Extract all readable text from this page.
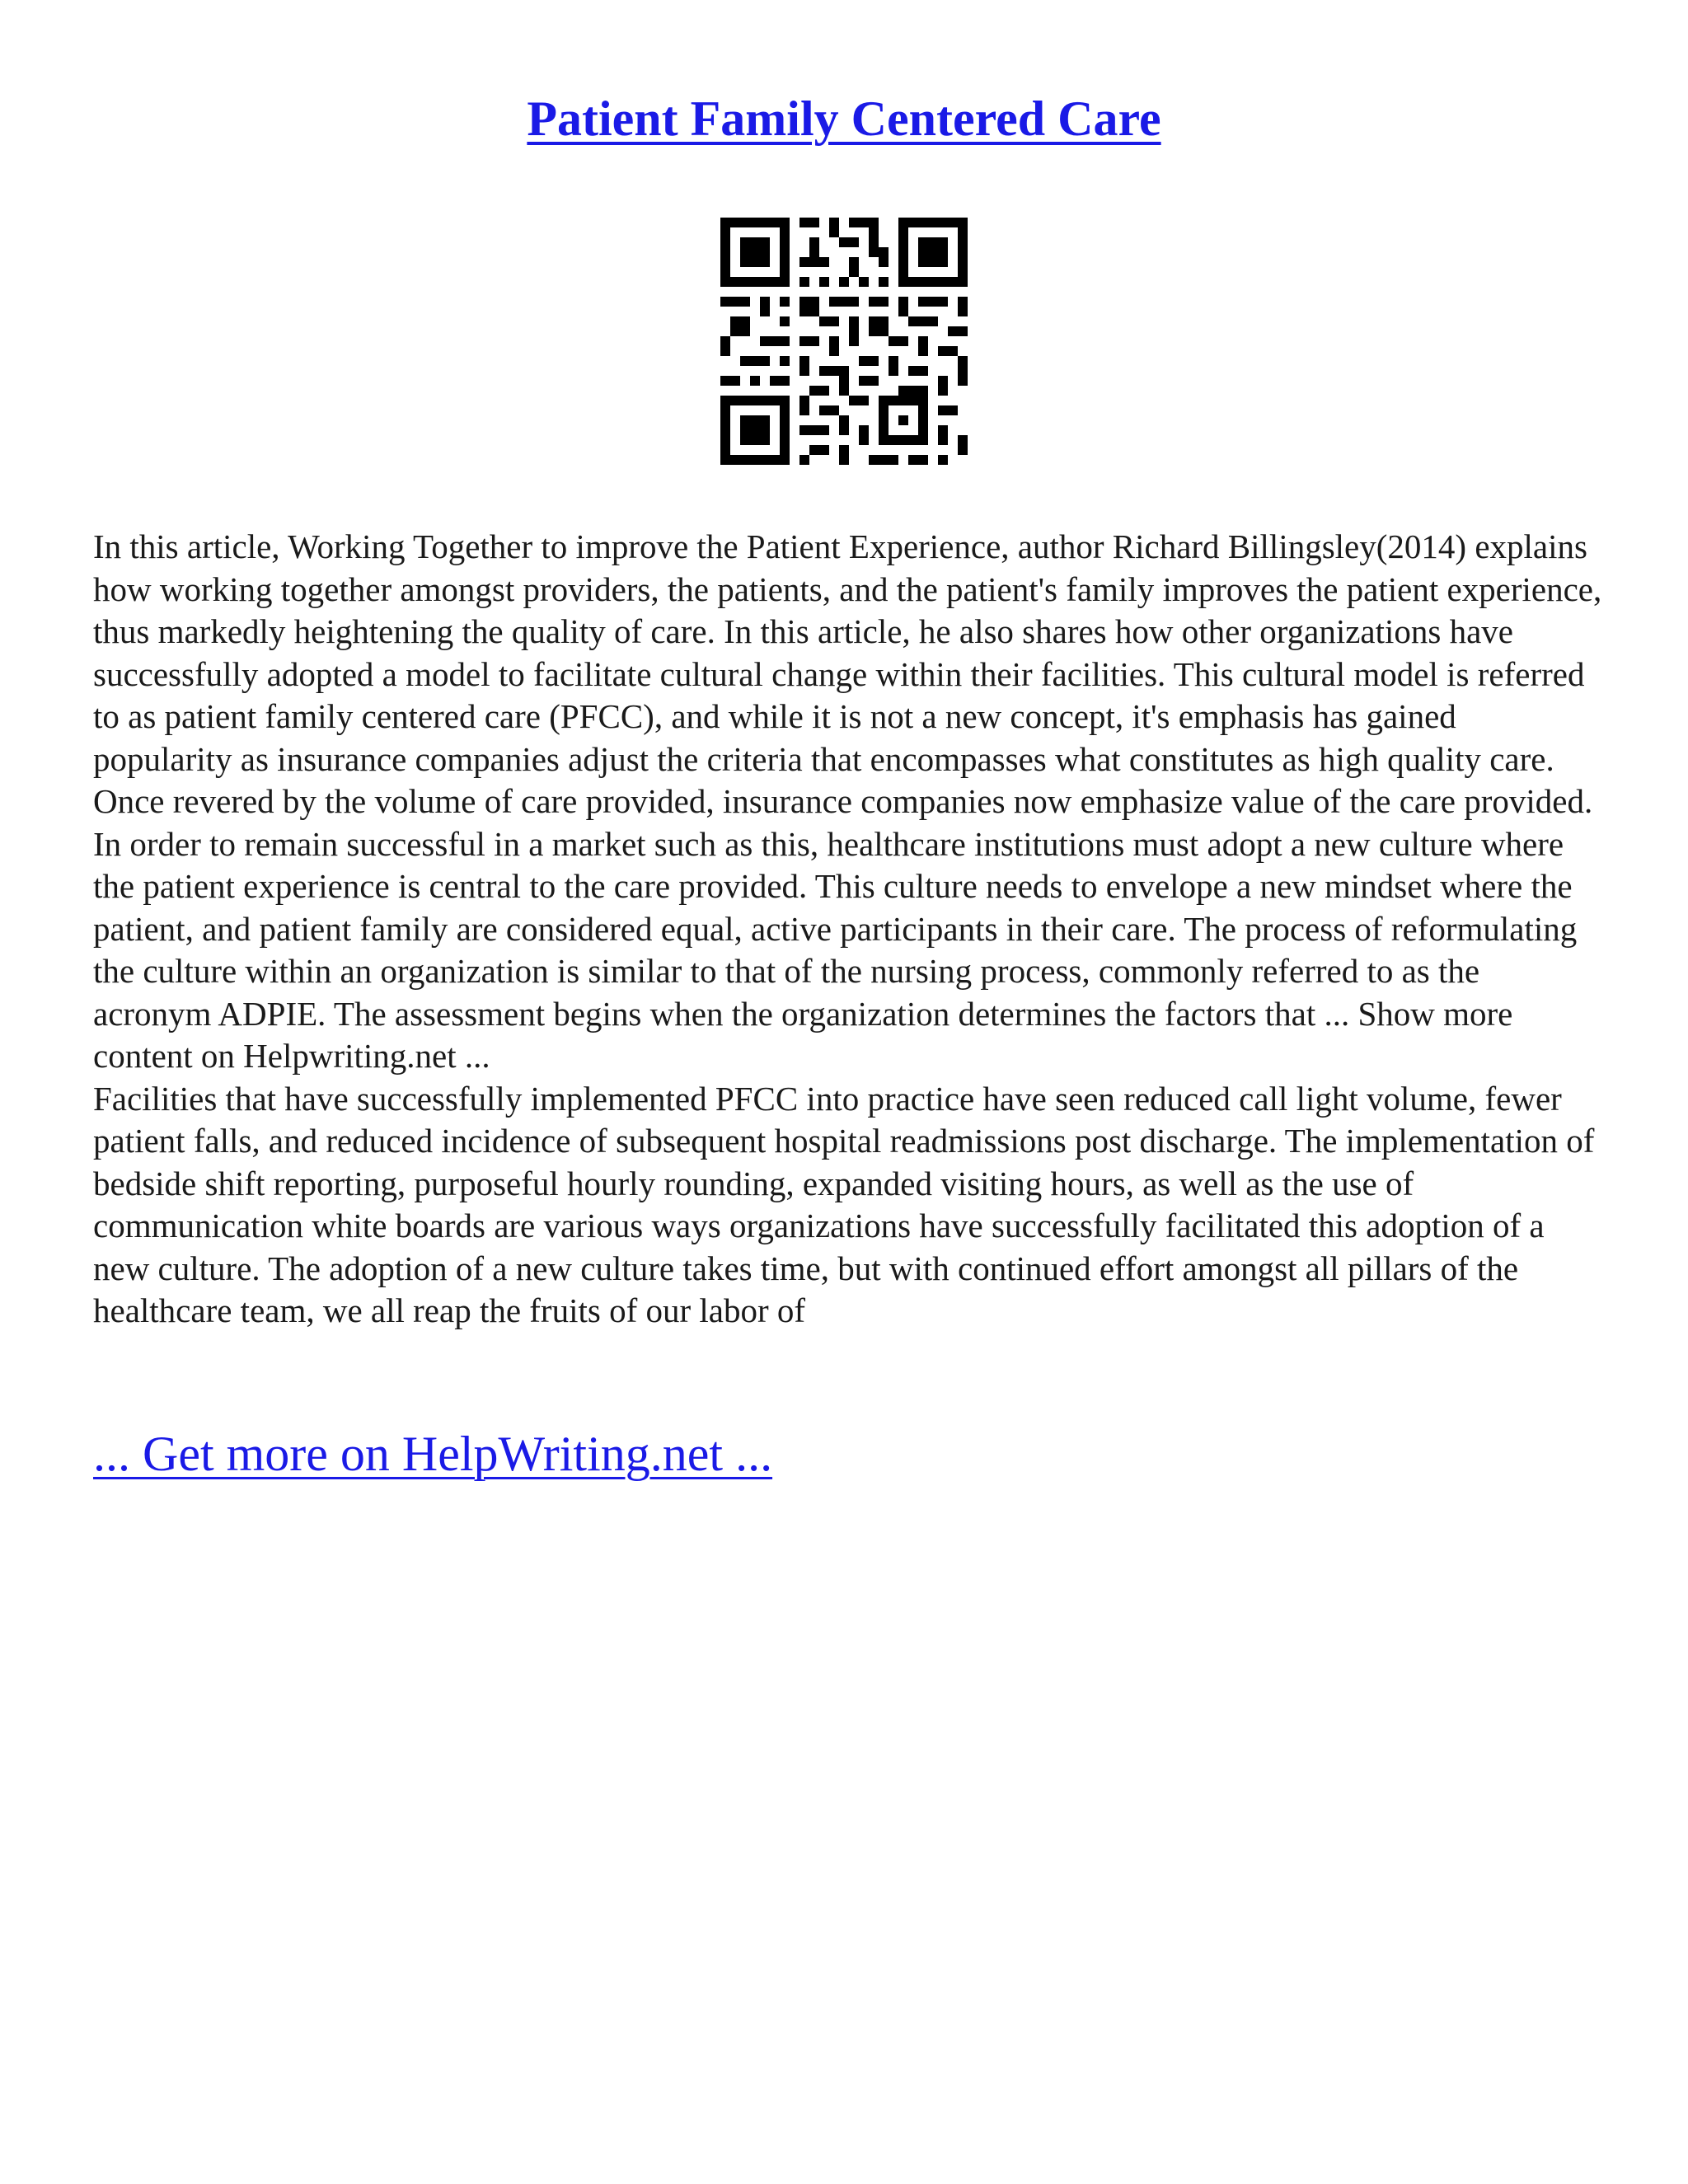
Patient Family Centered Care

In this article, Working Together to improve the Patient Experience, author Richard Billingsley(2014) explains how working together amongst providers, the patients, and the patient's family improves the patient experience, thus markedly heightening the quality of care. In this article, he also shares how other organizations have successfully adopted a model to facilitate cultural change within their facilities. This cultural model is referred to as patient family centered care (PFCC), and while it is not a new concept, it's emphasis has gained popularity as insurance companies adjust the criteria that encompasses what constitutes as high quality care. Once revered by the volume of care provided, insurance companies now emphasize value of the care provided. In order to remain successful in a market such as this, healthcare institutions must adopt a new culture where the patient experience is central to the care provided. This culture needs to envelope a new mindset where the patient, and patient family are considered equal, active participants in their care. The process of reformulating the culture within an organization is similar to that of the nursing process, commonly referred to as the acronym ADPIE. The assessment begins when the organization determines the factors that ... Show more content on Helpwriting.net ...

Facilities that have successfully implemented PFCC into practice have seen reduced call light volume, fewer patient falls, and reduced incidence of subsequent hospital readmissions post discharge. The implementation of bedside shift reporting, purposeful hourly rounding, expanded visiting hours, as well as the use of communication white boards are various ways organizations have successfully facilitated this adoption of a new culture. The adoption of a new culture takes time, but with continued effort amongst all pillars of the healthcare team, we all reap the fruits of our labor of

... Get more on HelpWriting.net ...
